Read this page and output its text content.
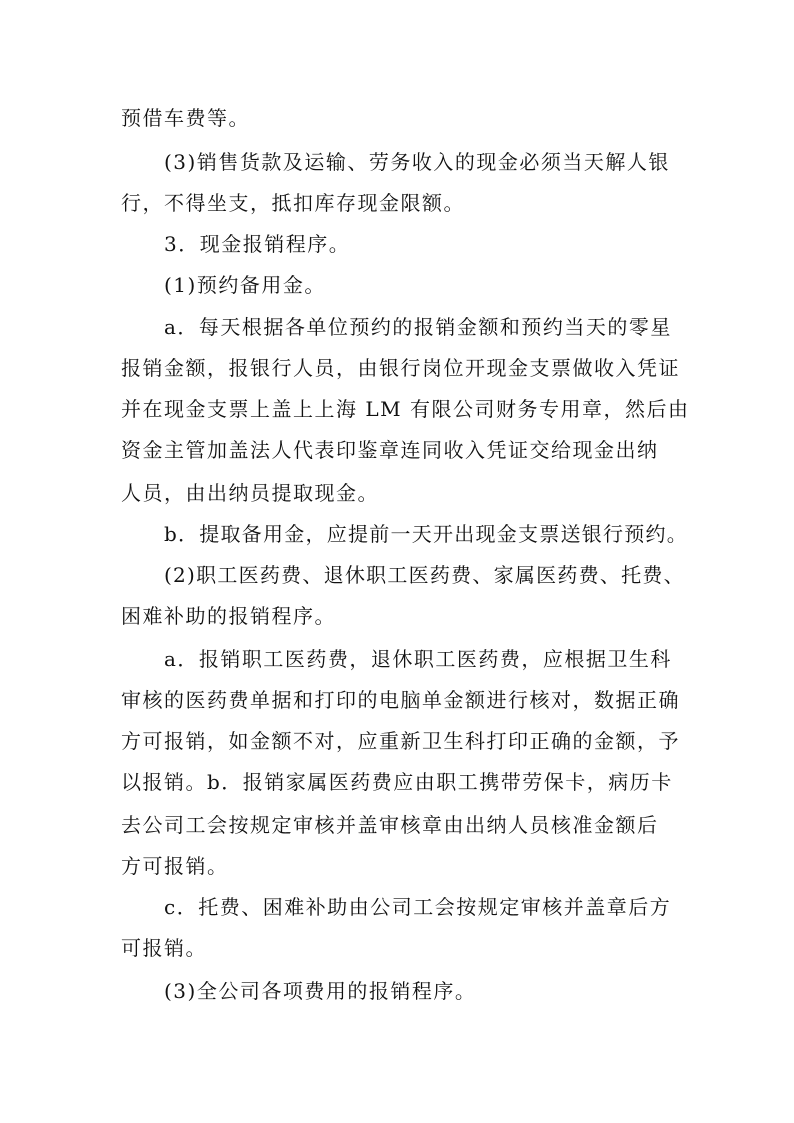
预借车费等。
(3)销售货款及运输、劳务收入的现金必须当天解人银
行，不得坐支，抵扣库存现金限额。
3．现金报销程序。
(1)预约备用金。
a．每天根据各单位预约的报销金额和预约当天的零星
报销金额，报银行人员，由银行岗位开现金支票做收入凭证
并在现金支票上盖上上海 LM 有限公司财务专用章，然后由
资金主管加盖法人代表印鉴章连同收入凭证交给现金出纳
人员，由出纳员提取现金。
b．提取备用金，应提前一天开出现金支票送银行预约。
(2)职工医药费、退休职工医药费、家属医药费、托费、
困难补助的报销程序。
a．报销职工医药费，退休职工医药费，应根据卫生科
审核的医药费单据和打印的电脑单金额进行核对，数据正确
方可报销，如金额不对，应重新卫生科打印正确的金额，予
以报销。b．报销家属医药费应由职工携带劳保卡，病历卡
去公司工会按规定审核并盖审核章由出纳人员核准金额后
方可报销。
c．托费、困难补助由公司工会按规定审核并盖章后方
可报销。
(3)全公司各项费用的报销程序。
